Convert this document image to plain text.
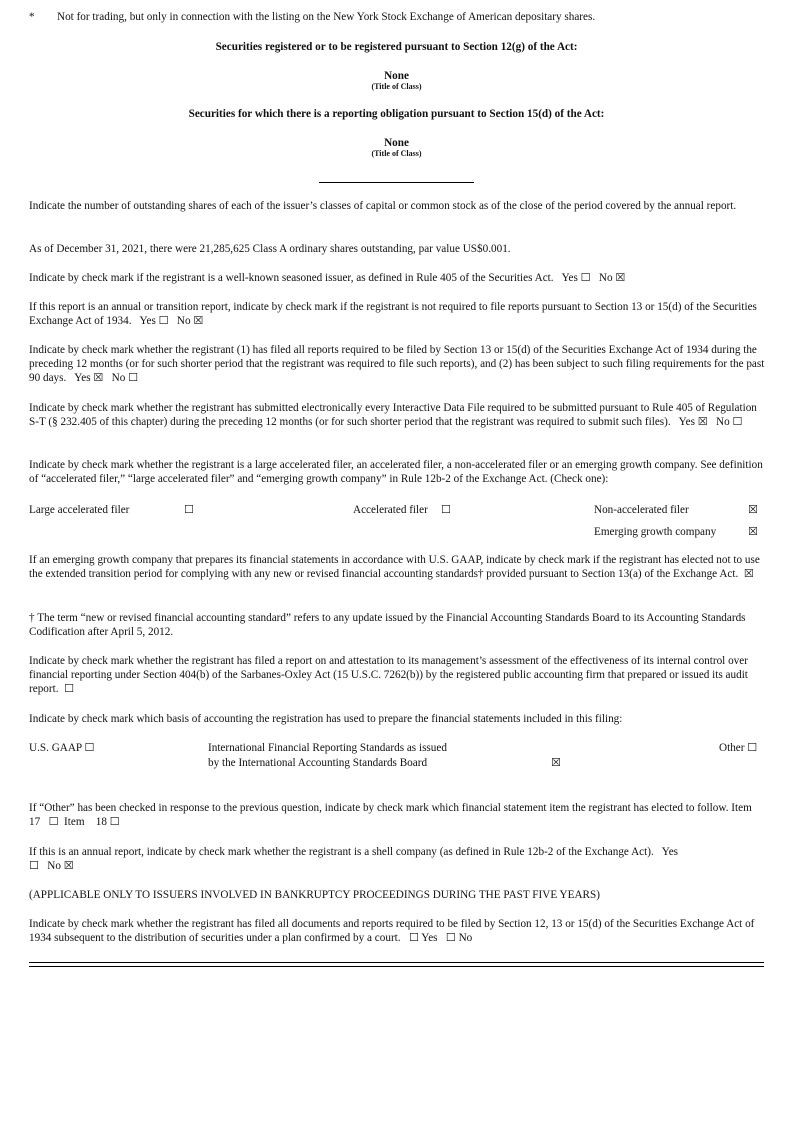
* Not for trading, but only in connection with the listing on the New York Stock Exchange of American depositary shares.
Securities registered or to be registered pursuant to Section 12(g) of the Act:
None
(Title of Class)
Securities for which there is a reporting obligation pursuant to Section 15(d) of the Act:
None
(Title of Class)
Indicate the number of outstanding shares of each of the issuer’s classes of capital or common stock as of the close of the period covered by the annual report.
As of December 31, 2021, there were 21,285,625 Class A ordinary shares outstanding, par value US$0.001.
Indicate by check mark if the registrant is a well-known seasoned issuer, as defined in Rule 405 of the Securities Act. Yes ☐ No ☒
If this report is an annual or transition report, indicate by check mark if the registrant is not required to file reports pursuant to Section 13 or 15(d) of the Securities Exchange Act of 1934. Yes ☐ No ☒
Indicate by check mark whether the registrant (1) has filed all reports required to be filed by Section 13 or 15(d) of the Securities Exchange Act of 1934 during the preceding 12 months (or for such shorter period that the registrant was required to file such reports), and (2) has been subject to such filing requirements for the past 90 days. Yes ☒ No ☐
Indicate by check mark whether the registrant has submitted electronically every Interactive Data File required to be submitted pursuant to Rule 405 of Regulation S-T (§ 232.405 of this chapter) during the preceding 12 months (or for such shorter period that the registrant was required to submit such files). Yes ☒ No ☐
Indicate by check mark whether the registrant is a large accelerated filer, an accelerated filer, a non-accelerated filer or an emerging growth company. See definition of “accelerated filer,” “large accelerated filer” and “emerging growth company” in Rule 12b-2 of the Exchange Act. (Check one):
Large accelerated filer	☐	Accelerated filer ☐	Non-accelerated filer	☒
Emerging growth company	☒
If an emerging growth company that prepares its financial statements in accordance with U.S. GAAP, indicate by check mark if the registrant has elected not to use the extended transition period for complying with any new or revised financial accounting standards† provided pursuant to Section 13(a) of the Exchange Act. ☒
† The term “new or revised financial accounting standard” refers to any update issued by the Financial Accounting Standards Board to its Accounting Standards Codification after April 5, 2012.
Indicate by check mark whether the registrant has filed a report on and attestation to its management’s assessment of the effectiveness of its internal control over financial reporting under Section 404(b) of the Sarbanes-Oxley Act (15 U.S.C. 7262(b)) by the registered public accounting firm that prepared or issued its audit report. ☐
Indicate by check mark which basis of accounting the registration has used to prepare the financial statements included in this filing:
U.S. GAAP ☐	International Financial Reporting Standards as issued
by the International Accounting Standards Board	☒
Other ☐
If “Other” has been checked in response to the previous question, indicate by check mark which financial statement item the registrant has elected to follow. Item 17 ☐ Item 18 ☐
If this is an annual report, indicate by check mark whether the registrant is a shell company (as defined in Rule 12b-2 of the Exchange Act). Yes ☐ No ☒
(APPLICABLE ONLY TO ISSUERS INVOLVED IN BANKRUPTCY PROCEEDINGS DURING THE PAST FIVE YEARS)
Indicate by check mark whether the registrant has filed all documents and reports required to be filed by Section 12, 13 or 15(d) of the Securities Exchange Act of 1934 subsequent to the distribution of securities under a plan confirmed by a court. ☐ Yes ☐ No
